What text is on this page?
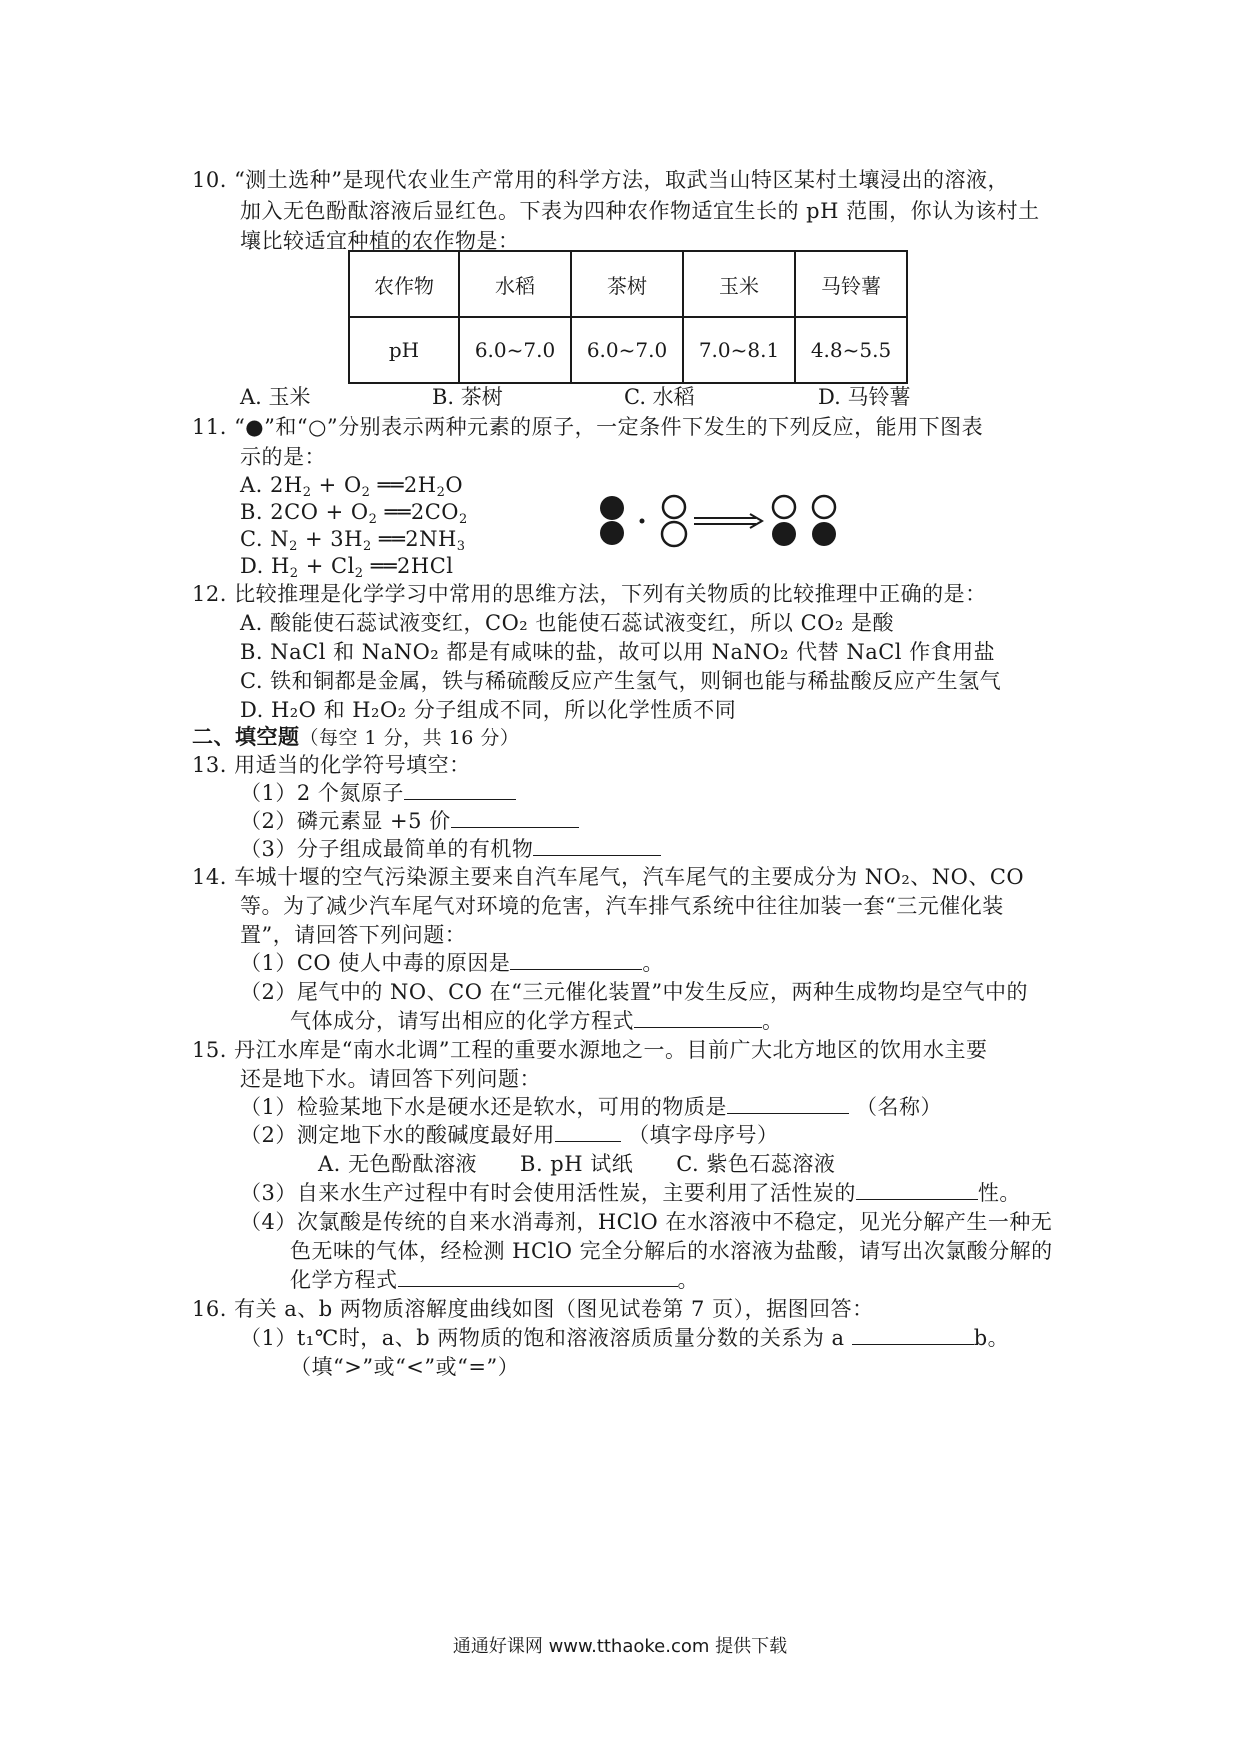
10. “测土选种”是现代农业生产常用的科学方法，取武当山特区某村土壤浸出的溶液，
加入无色酚酞溶液后显红色。下表为四种农作物适宜生长的 pH 范围，你认为该村土
壤比较适宜种植的农作物是：
农作物	水稻	茶树	玉米	马铃薯
pH	6.0~7.0	6.0~7.0	7.0~8.1	4.8~5.5
A. 玉米	B. 茶树	C. 水稻	D. 马铃薯
11. “●”和“○”分别表示两种元素的原子，一定条件下发生的下列反应，能用下图表
示的是：
A. $2H_2 + O_2$ $══2H_2O$
B. $2CO + O_2$ $══2CO_2$
C. $N_2 + 3H_2$ $══2NH_3$
D. $H_2 + Cl_2$ ══2HCl
12. 比较推理是化学学习中常用的思维方法，下列有关物质的比较推理中正确的是：
A. 酸能使石蕊试液变红，CO₂ 也能使石蕊试液变红，所以 CO₂ 是酸
B. NaCl 和 NaNO₂ 都是有咸味的盐，故可以用 NaNO₂ 代替 NaCl 作食用盐
C. 铁和铜都是金属，铁与稀硫酸反应产生氢气，则铜也能与稀盐酸反应产生氢气
D. H₂O 和 H₂O₂ 分子组成不同，所以化学性质不同
二、填空题（每空 1 分，共 16 分）
13. 用适当的化学符号填空：
（1）2 个氮原子
（2）磷元素显 +5 价
（3）分子组成最简单的有机物
14. 车城十堰的空气污染源主要来自汽车尾气，汽车尾气的主要成分为 NO₂、NO、CO
等。为了减少汽车尾气对环境的危害，汽车排气系统中往往加装一套“三元催化装
置”，请回答下列问题：
（1）CO 使人中毒的原因是	。
（2）尾气中的 NO、CO 在“三元催化装置”中发生反应，两种生成物均是空气中的
气体成分，请写出相应的化学方程式	。
15. 丹江水库是“南水北调”工程的重要水源地之一。目前广大北方地区的饮用水主要
还是地下水。请回答下列问题：
（1）检验某地下水是硬水还是软水，可用的物质是	（名称）
（2）测定地下水的酸碱度最好用	（填字母序号）
A. 无色酚酞溶液　　B. pH 试纸　　C. 紫色石蕊溶液
（3）自来水生产过程中有时会使用活性炭，主要利用了活性炭的	性。
（4）次氯酸是传统的自来水消毒剂，HClO 在水溶液中不稳定，见光分解产生一种无
色无味的气体，经检测 HClO 完全分解后的水溶液为盐酸，请写出次氯酸分解的
化学方程式	。
16. 有关 a、b 两物质溶解度曲线如图（图见试卷第 7 页），据图回答：
（1）t₁℃时，a、b 两物质的饱和溶液溶质质量分数的关系为 a	b。
（填“>”或“<”或“=”）
通通好课网 www.tthaoke.com 提供下载
